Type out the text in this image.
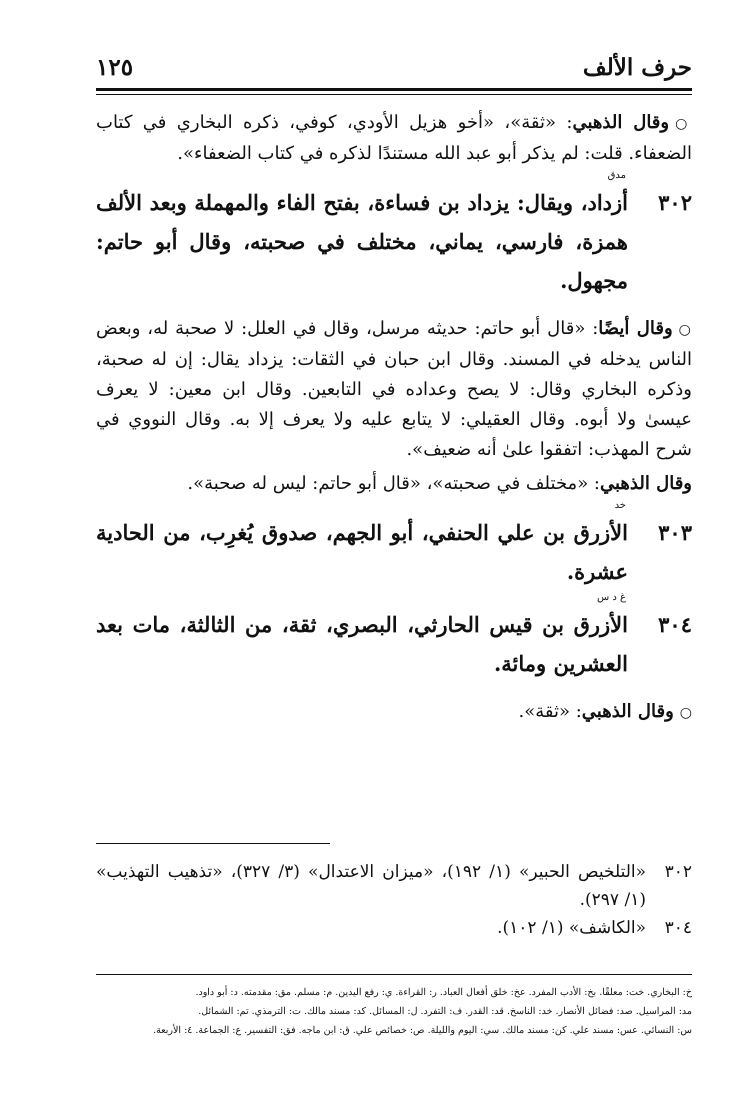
حرف الألف
١٢٥
○وقال الذهبي: «ثقة»، «أخو هزيل الأودي، كوفي، ذكره البخاري في كتاب الضعفاء. قلت: لم يذكر أبو عبد الله مستندًا لذكره في كتاب الضعفاء».
٣٠٢
مدق
أزداد، ويقال: يزداد بن فساءة، بفتح الفاء والمهملة وبعد الألف همزة، فارسي، يماني، مختلف في صحبته، وقال أبو حاتم: مجهول.
○وقال أيضًا: «قال أبو حاتم: حديثه مرسل، وقال في العلل: لا صحبة له، وبعض الناس يدخله في المسند. وقال ابن حبان في الثقات: يزداد يقال: إن له صحبة، وذكره البخاري وقال: لا يصح وعداده في التابعين. وقال ابن معين: لا يعرف عيسىٰ ولا أبوه. وقال العقيلي: لا يتابع عليه ولا يعرف إلا به. وقال النووي في شرح المهذب: اتفقوا علىٰ أنه ضعيف».
وقال الذهبي: «مختلف في صحبته»، «قال أبو حاتم: ليس له صحبة».
٣٠٣
خد
الأزرق بن علي الحنفي، أبو الجهم، صدوق يُغرِب، من الحادية عشرة.
٣٠٤
غ د س
الأزرق بن قيس الحارثي، البصري، ثقة، من الثالثة، مات بعد العشرين ومائة.
○وقال الذهبي: «ثقة».
٣٠٢
«التلخيص الحبير» (١/ ١٩٢)، «ميزان الاعتدال» (٣/ ٣٢٧)، «تذهيب التهذيب» (١/ ٢٩٧).
٣٠٤
«الكاشف» (١/ ١٠٢).
خ: البخاري. خت: معلقًا. بخ: الأدب المفرد. عخ: خلق أفعال العباد. ر: القراءة. ي: رفع اليدين. م: مسلم. مق: مقدمته. د: أبو داود.
مد: المراسيل. صد: فضائل الأنصار. خد: الناسخ. قد: القدر. ف: التفرد. ل: المسائل. كد: مسند مالك. ت: الترمذي. تم: الشمائل.
س: النسائي. عس: مسند علي. كن: مسند مالك. سي: اليوم والليلة. ص: خصائص علي. ق: ابن ماجه. فق: التفسير. ع: الجماعة. ٤: الأربعة.
